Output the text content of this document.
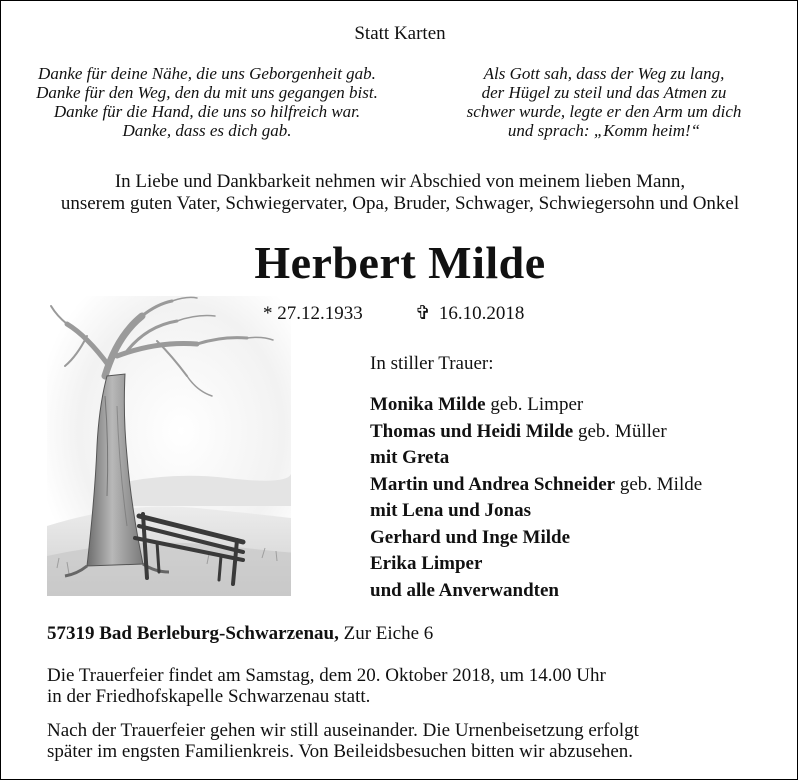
Statt Karten
Danke für deine Nähe, die uns Geborgenheit gab.
Danke für den Weg, den du mit uns gegangen bist.
Danke für die Hand, die uns so hilfreich war.
Danke, dass es dich gab.
Als Gott sah, dass der Weg zu lang,
der Hügel zu steil und das Atmen zu
schwer wurde, legte er den Arm um dich
und sprach: „Komm heim!“
In Liebe und Dankbarkeit nehmen wir Abschied von meinem lieben Mann,
unserem guten Vater, Schwiegervater, Opa, Bruder, Schwager, Schwiegersohn und Onkel
Herbert Milde
* 27.12.1933	✞ 16.10.2018
In stiller Trauer:
Monika Milde geb. Limper
Thomas und Heidi Milde geb. Müller
mit Greta
Martin und Andrea Schneider geb. Milde
mit Lena und Jonas
Gerhard und Inge Milde
Erika Limper
und alle Anverwandten
57319 Bad Berleburg-Schwarzenau, Zur Eiche 6
Die Trauerfeier findet am Samstag, dem 20. Oktober 2018, um 14.00 Uhr
in der Friedhofskapelle Schwarzenau statt.
Nach der Trauerfeier gehen wir still auseinander. Die Urnenbeisetzung erfolgt
später im engsten Familienkreis. Von Beileidsbesuchen bitten wir abzusehen.
